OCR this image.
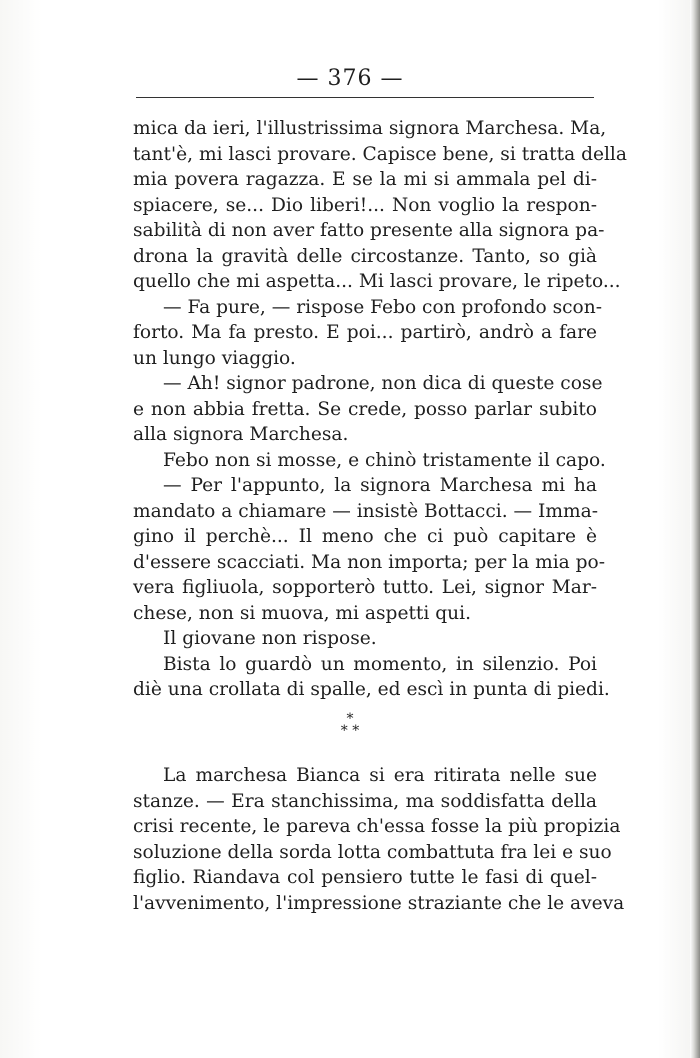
— 376 —
mica da ieri, l'illustrissima signora Marchesa. Ma,
tant'è, mi lasci provare. Capisce bene, si tratta della
mia povera ragazza. E se la mi si ammala pel di-
spiacere, se... Dio liberi!... Non voglio la respon-
sabilità di non aver fatto presente alla signora pa-
drona la gravità delle circostanze. Tanto, so già
quello che mi aspetta... Mi lasci provare, le ripeto...
— Fa pure, — rispose Febo con profondo scon-
forto. Ma fa presto. E poi... partirò, andrò a fare
un lungo viaggio.
— Ah! signor padrone, non dica di queste cose
e non abbia fretta. Se crede, posso parlar subito
alla signora Marchesa.
Febo non si mosse, e chinò tristamente il capo.
— Per l'appunto, la signora Marchesa mi ha
mandato a chiamare — insistè Bottacci. — Imma-
gino il perchè... Il meno che ci può capitare è
d'essere scacciati. Ma non importa; per la mia po-
vera figliuola, sopporterò tutto. Lei, signor Mar-
chese, non si muova, mi aspetti qui.
Il giovane non rispose.
Bista lo guardò un momento, in silenzio. Poi
diè una crollata di spalle, ed escì in punta di piedi.
*
* *
La marchesa Bianca si era ritirata nelle sue
stanze. — Era stanchissima, ma soddisfatta della
crisi recente, le pareva ch'essa fosse la più propizia
soluzione della sorda lotta combattuta fra lei e suo
figlio. Riandava col pensiero tutte le fasi di quel-
l'avvenimento, l'impressione straziante che le aveva
